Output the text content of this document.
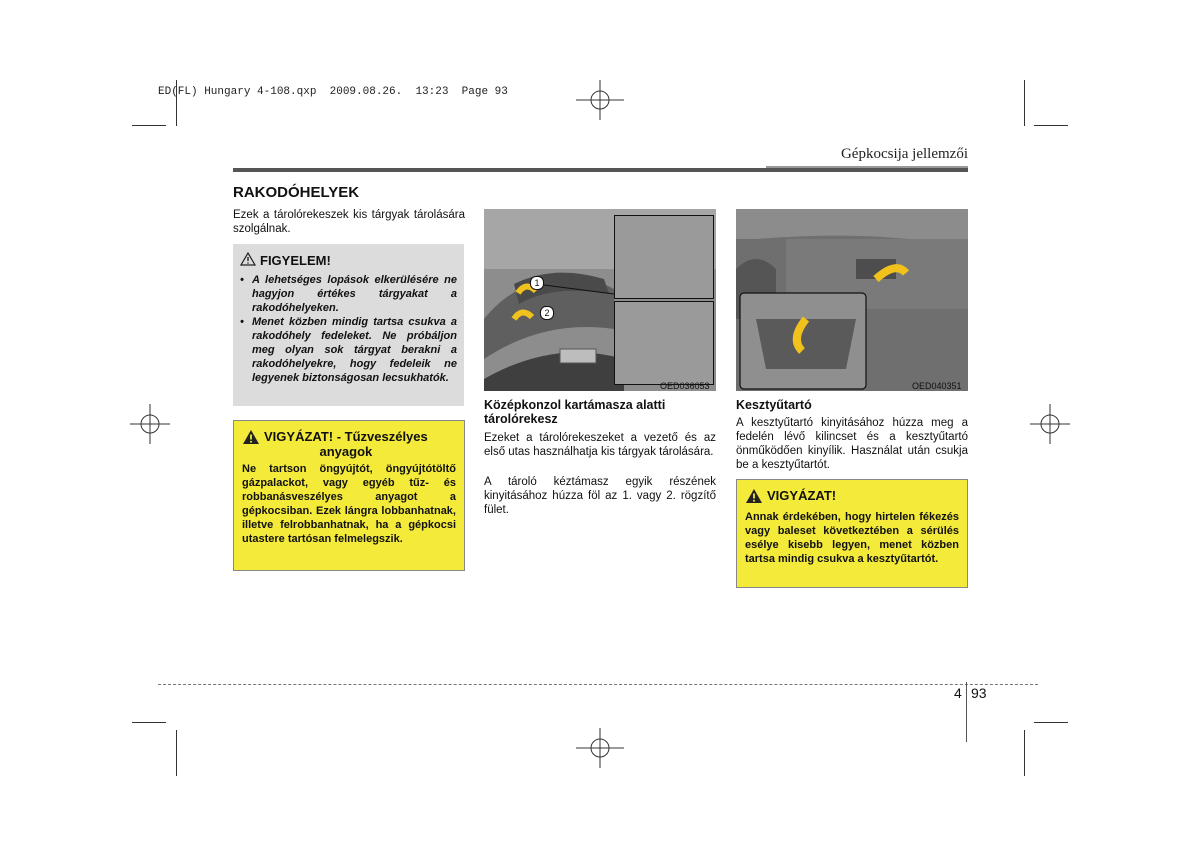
ED(FL) Hungary 4-108.qxp  2009.08.26.  13:23  Page 93
Gépkocsija jellemzői
RAKODÓHELYEK
Ezek a tárolórekeszek kis tárgyak tárolására szolgálnak.
FIGYELEM!
• A lehetséges lopások elkerülésére ne hagyjon értékes tárgyakat a rakodóhelyeken.
• Menet közben mindig tartsa csukva a rakodóhely fedeleket. Ne próbáljon meg olyan sok tárgyat berakni a rakodóhelyekre, hogy fedeleik ne legyenek biztonságosan lecsukhatók.
VIGYÁZAT! - Tűzveszélyes
anyagok
Ne tartson öngyújtót, öngyújtótöltő gázpalackot, vagy egyéb tűz- és robbanásveszélyes anyagot a gépkocsiban. Ezek lángra lobbanhatnak, illetve felrobbanhatnak, ha a gépkocsi utastere tartósan felmelegszik.
1
2
OED036053
Középkonzol kartámasza alatti tárolórekesz
Ezeket a tárolórekeszeket a vezető és az első utas használhatja kis tárgyak tárolására.
A tároló kéztámasz egyik részének kinyitásához húzza föl az 1. vagy 2. rögzítő fület.
OED040351
Kesztyűtartó
A kesztyűtartó kinyitásához húzza meg a fedelén lévő kilincset és a kesztyűtartó önműködően kinyílik. Használat után csukja be a kesztyűtartót.
VIGYÁZAT!
Annak érdekében, hogy hirtelen fékezés vagy baleset következtében a sérülés esélye kisebb legyen, menet közben tartsa mindig csukva a kesztyűtartót.
4 93
